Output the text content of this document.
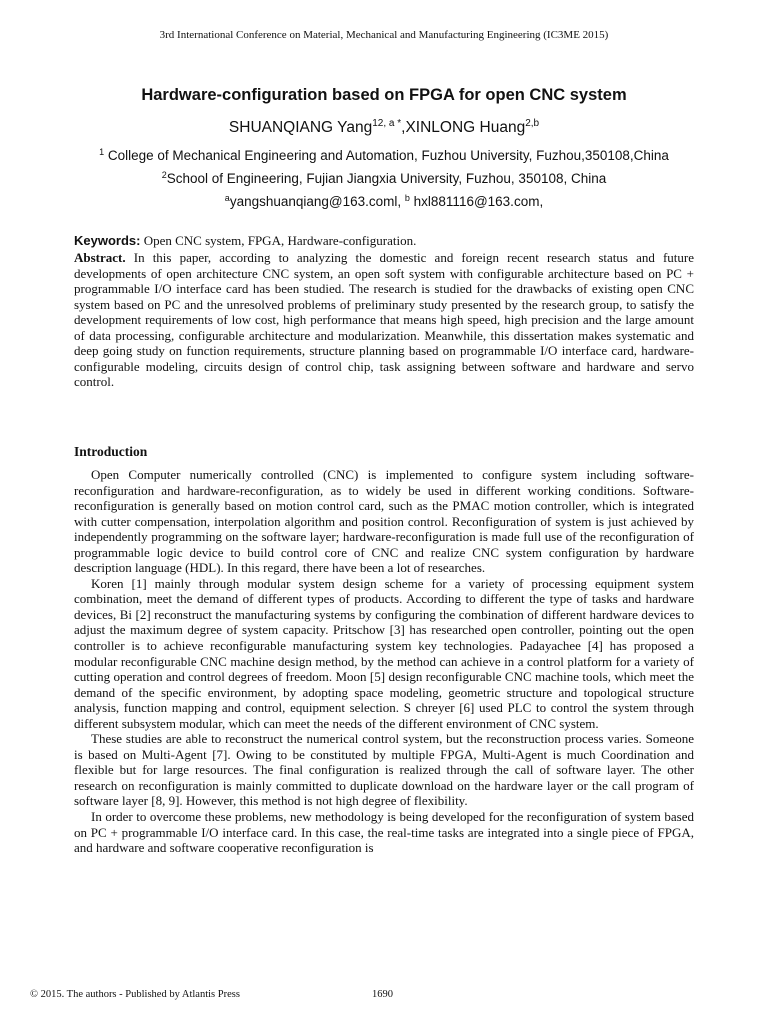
3rd International Conference on Material, Mechanical and Manufacturing Engineering (IC3ME 2015)
Hardware-configuration based on FPGA for open CNC system
SHUANQIANG Yang$^{12, a *}$,XINLONG Huang$^{2,b}$
$^1$ College of Mechanical Engineering and Automation, Fuzhou University, Fuzhou,350108,China
$^2$School of Engineering, Fujian Jiangxia University, Fuzhou, 350108, China
$^a$yangshuanqiang@163.coml, $^b$ hxl881116@163.com,
Keywords: Open CNC system, FPGA, Hardware-configuration.
Abstract. In this paper, according to analyzing the domestic and foreign recent research status and future developments of open architecture CNC system, an open soft system with configurable architecture based on PC + programmable I/O interface card has been studied. The research is studied for the drawbacks of existing open CNC system based on PC and the unresolved problems of preliminary study presented by the research group, to satisfy the development requirements of low cost, high performance that means high speed, high precision and the large amount of data processing, configurable architecture and modularization. Meanwhile, this dissertation makes systematic and deep going study on function requirements, structure planning based on programmable I/O interface card, hardware-configurable modeling, circuits design of control chip, task assigning between software and hardware and servo control.
Introduction

Open Computer numerically controlled (CNC) is implemented to configure system including software-reconfiguration and hardware-reconfiguration, as to widely be used in different working conditions. Software-reconfiguration is generally based on motion control card, such as the PMAC motion controller, which is integrated with cutter compensation, interpolation algorithm and position control. Reconfiguration of system is just achieved by independently programming on the software layer; hardware-reconfiguration is made full use of the reconfiguration of programmable logic device to build control core of CNC and realize CNC system configuration by hardware description language (HDL). In this regard, there have been a lot of researches.

Koren [1] mainly through modular system design scheme for a variety of processing equipment system combination, meet the demand of different types of products. According to different the type of tasks and hardware devices, Bi [2] reconstruct the manufacturing systems by configuring the combination of different hardware devices to adjust the maximum degree of system capacity. Pritschow [3] has researched open controller, pointing out the open controller is to achieve reconfigurable manufacturing system key technologies. Padayachee [4] has proposed a modular reconfigurable CNC machine design method, by the method can achieve in a control platform for a variety of cutting operation and control degrees of freedom. Moon [5] design reconfigurable CNC machine tools, which meet the demand of the specific environment, by adopting space modeling, geometric structure and topological structure analysis, function mapping and control, equipment selection. S chreyer [6] used PLC to control the system through different subsystem modular, which can meet the needs of the different environment of CNC system.

These studies are able to reconstruct the numerical control system, but the reconstruction process varies. Someone is based on Multi-Agent [7]. Owing to be constituted by multiple FPGA, Multi-Agent is much Coordination and flexible but for large resources. The final configuration is realized through the call of software layer. The other research on reconfiguration is mainly committed to duplicate download on the hardware layer or the call program of software layer [8, 9]. However, this method is not high degree of flexibility.

In order to overcome these problems, new methodology is being developed for the reconfiguration of system based on PC + programmable I/O interface card. In this case, the real-time tasks are integrated into a single piece of FPGA, and hardware and software cooperative reconfiguration is

© 2015. The authors - Published by Atlantis Press	1690
